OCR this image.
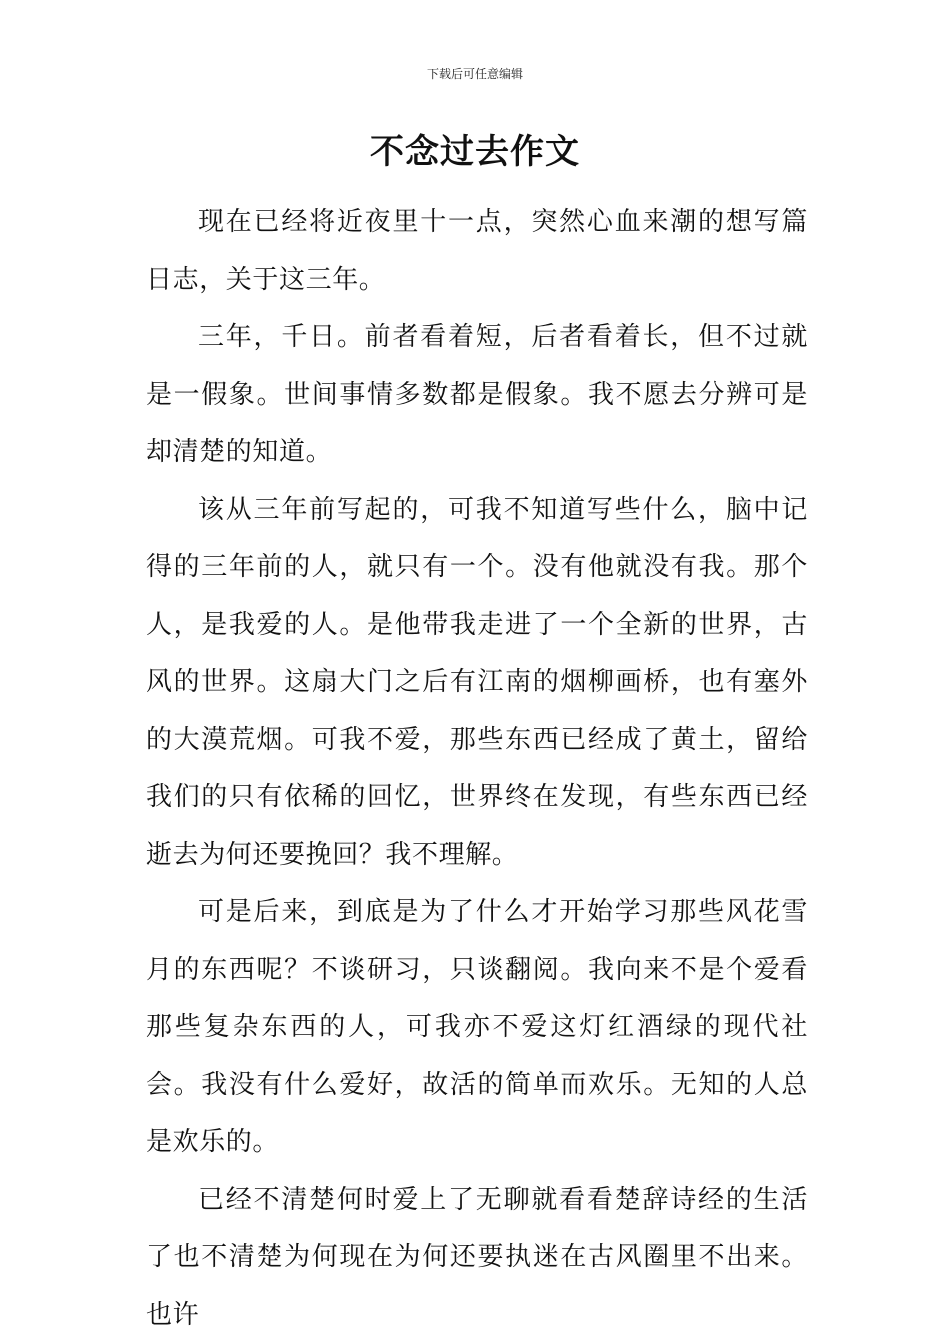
下载后可任意编辑
不念过去作文

现在已经将近夜里十一点，突然心血来潮的想写篇日志，关于这三年。

三年，千日。前者看着短，后者看着长，但不过就是一假象。世间事情多数都是假象。我不愿去分辨可是却清楚的知道。

该从三年前写起的，可我不知道写些什么，脑中记得的三年前的人，就只有一个。没有他就没有我。那个人，是我爱的人。是他带我走进了一个全新的世界，古风的世界。这扇大门之后有江南的烟柳画桥，也有塞外的大漠荒烟。可我不爱，那些东西已经成了黄土，留给我们的只有依稀的回忆，世界终在发现，有些东西已经逝去为何还要挽回？我不理解。

可是后来，到底是为了什么才开始学习那些风花雪月的东西呢？不谈研习，只谈翻阅。我向来不是个爱看那些复杂东西的人，可我亦不爱这灯红酒绿的现代社会。我没有什么爱好，故活的简单而欢乐。无知的人总是欢乐的。

已经不清楚何时爱上了无聊就看看楚辞诗经的生活了也不清楚为何现在为何还要执迷在古风圈里不出来。也许
